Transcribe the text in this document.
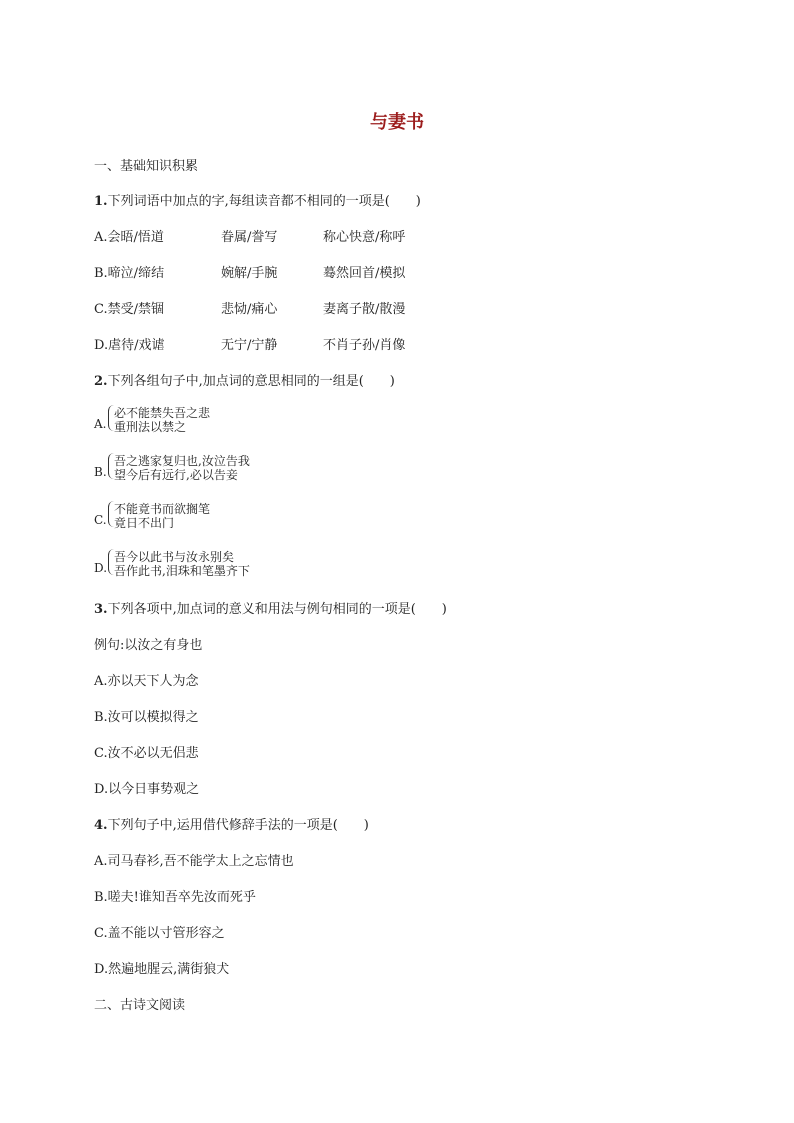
与妻书
一、基础知识积累
1.下列词语中加点的字,每组读音都不相同的一项是(　　)
A.会晤/悟道	眷属/誊写	称心快意/称呼
B.啼泣/缔结	婉解/手腕	蓦然回首/模拟
C.禁受/禁锢	悲恸/痛心	妻离子散/散漫
D.虐待/戏谑	无宁/宁静	不肖子孙/肖像
2.下列各组句子中,加点词的意思相同的一组是(　　)
A.
必不能禁失吾之悲
重刑法以禁之
B.
吾之逃家复归也,汝泣告我
望今后有远行,必以告妾
C.
不能竟书而欲搁笔
竟日不出门
D.
吾今以此书与汝永别矣
吾作此书,泪珠和笔墨齐下
3.下列各项中,加点词的意义和用法与例句相同的一项是(　　)
例句:以汝之有身也
A.亦以天下人为念
B.汝可以模拟得之
C.汝不必以无侣悲
D.以今日事势观之
4.下列句子中,运用借代修辞手法的一项是(　　)
A.司马春衫,吾不能学太上之忘情也
B.嗟夫!谁知吾卒先汝而死乎
C.盖不能以寸管形容之
D.然遍地腥云,满街狼犬
二、古诗文阅读
